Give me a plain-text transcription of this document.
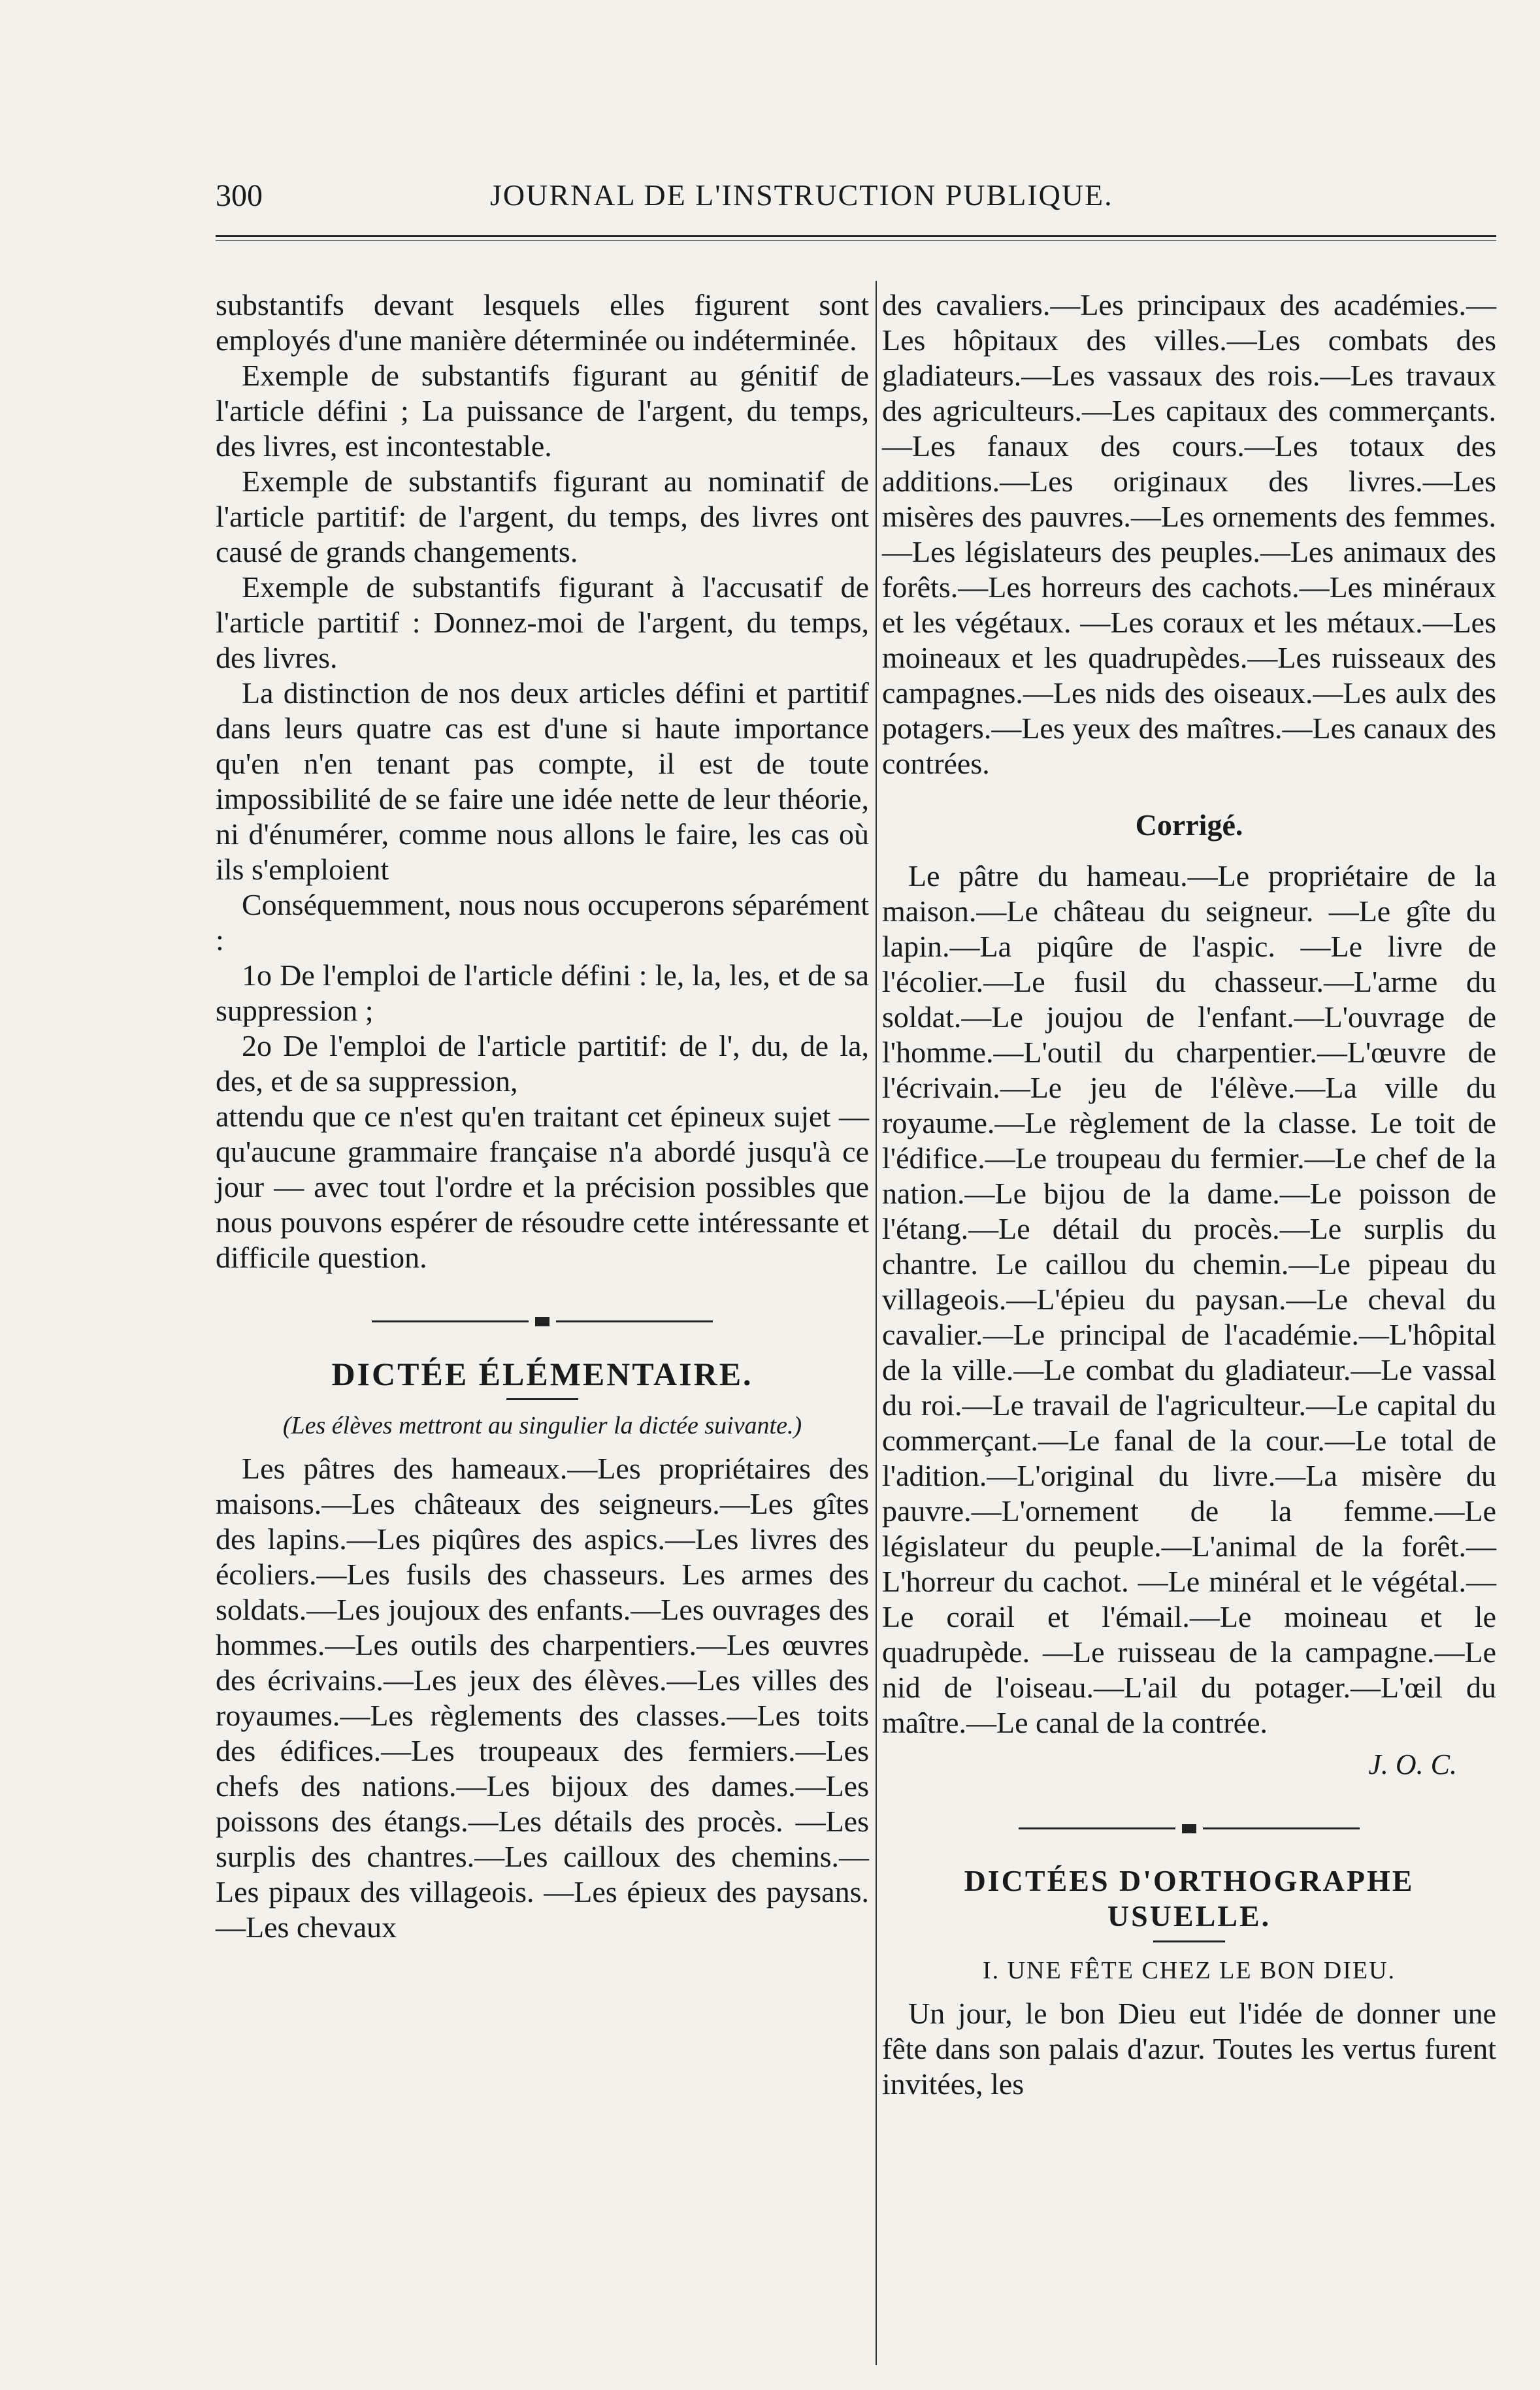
300	JOURNAL DE L'INSTRUCTION PUBLIQUE.

substantifs devant lesquels elles figurent sont employés d'une manière déterminée ou indéterminée.

Exemple de substantifs figurant au génitif de l'article défini ; La puissance de l'argent, du temps, des livres, est incontestable.

Exemple de substantifs figurant au nominatif de l'article partitif: de l'argent, du temps, des livres ont causé de grands changements.

Exemple de substantifs figurant à l'accusatif de l'article partitif : Donnez-moi de l'argent, du temps, des livres.

La distinction de nos deux articles défini et partitif dans leurs quatre cas est d'une si haute importance qu'en n'en tenant pas compte, il est de toute impossibilité de se faire une idée nette de leur théorie, ni d'énumérer, comme nous allons le faire, les cas où ils s'emploient

Conséquemment, nous nous occuperons séparément :

1o De l'emploi de l'article défini : le, la, les, et de sa suppression ;

2o De l'emploi de l'article partitif: de l', du, de la, des, et de sa suppression,

attendu que ce n'est qu'en traitant cet épineux sujet — qu'aucune grammaire française n'a abordé jusqu'à ce jour — avec tout l'ordre et la précision possibles que nous pouvons espérer de résoudre cette intéressante et difficile question.

DICTÉE ÉLÉMENTAIRE.
(Les élèves mettront au singulier la dictée suivante.)

Les pâtres des hameaux.—Les propriétaires des maisons.—Les châteaux des seigneurs.—Les gîtes des lapins.—Les piqûres des aspics.—Les livres des écoliers.—Les fusils des chasseurs. Les armes des soldats.—Les joujoux des enfants.—Les ouvrages des hommes.—Les outils des charpentiers.—Les œuvres des écrivains.—Les jeux des élèves.—Les villes des royaumes.—Les règlements des classes.—Les toits des édifices.—Les troupeaux des fermiers.—Les chefs des nations.—Les bijoux des dames.—Les poissons des étangs.—Les détails des procès. —Les surplis des chantres.—Les cailloux des chemins.—Les pipaux des villageois. —Les épieux des paysans.—Les chevaux

des cavaliers.—Les principaux des académies.—Les hôpitaux des villes.—Les combats des gladiateurs.—Les vassaux des rois.—Les travaux des agriculteurs.—Les capitaux des commerçants.—Les fanaux des cours.—Les totaux des additions.—Les originaux des livres.—Les misères des pauvres.—Les ornements des femmes.—Les législateurs des peuples.—Les animaux des forêts.—Les horreurs des cachots.—Les minéraux et les végétaux. —Les coraux et les métaux.—Les moineaux et les quadrupèdes.—Les ruisseaux des campagnes.—Les nids des oiseaux.—Les aulx des potagers.—Les yeux des maîtres.—Les canaux des contrées.

Corrigé.

Le pâtre du hameau.—Le propriétaire de la maison.—Le château du seigneur. —Le gîte du lapin.—La piqûre de l'aspic. —Le livre de l'écolier.—Le fusil du chasseur.—L'arme du soldat.—Le joujou de l'enfant.—L'ouvrage de l'homme.—L'outil du charpentier.—L'œuvre de l'écrivain.—Le jeu de l'élève.—La ville du royaume.—Le règlement de la classe. Le toit de l'édifice.—Le troupeau du fermier.—Le chef de la nation.—Le bijou de la dame.—Le poisson de l'étang.—Le détail du procès.—Le surplis du chantre. Le caillou du chemin.—Le pipeau du villageois.—L'épieu du paysan.—Le cheval du cavalier.—Le principal de l'académie.—L'hôpital de la ville.—Le combat du gladiateur.—Le vassal du roi.—Le travail de l'agriculteur.—Le capital du commerçant.—Le fanal de la cour.—Le total de l'adition.—L'original du livre.—La misère du pauvre.—L'ornement de la femme.—Le législateur du peuple.—L'animal de la forêt.—L'horreur du cachot. —Le minéral et le végétal.—Le corail et l'émail.—Le moineau et le quadrupède. —Le ruisseau de la campagne.—Le nid de l'oiseau.—L'ail du potager.—L'œil du maître.—Le canal de la contrée.

J. O. C.
DICTÉES D'ORTHOGRAPHE USUELLE.
I. UNE FÊTE CHEZ LE BON DIEU.

Un jour, le bon Dieu eut l'idée de donner une fête dans son palais d'azur. Toutes les vertus furent invitées, les
